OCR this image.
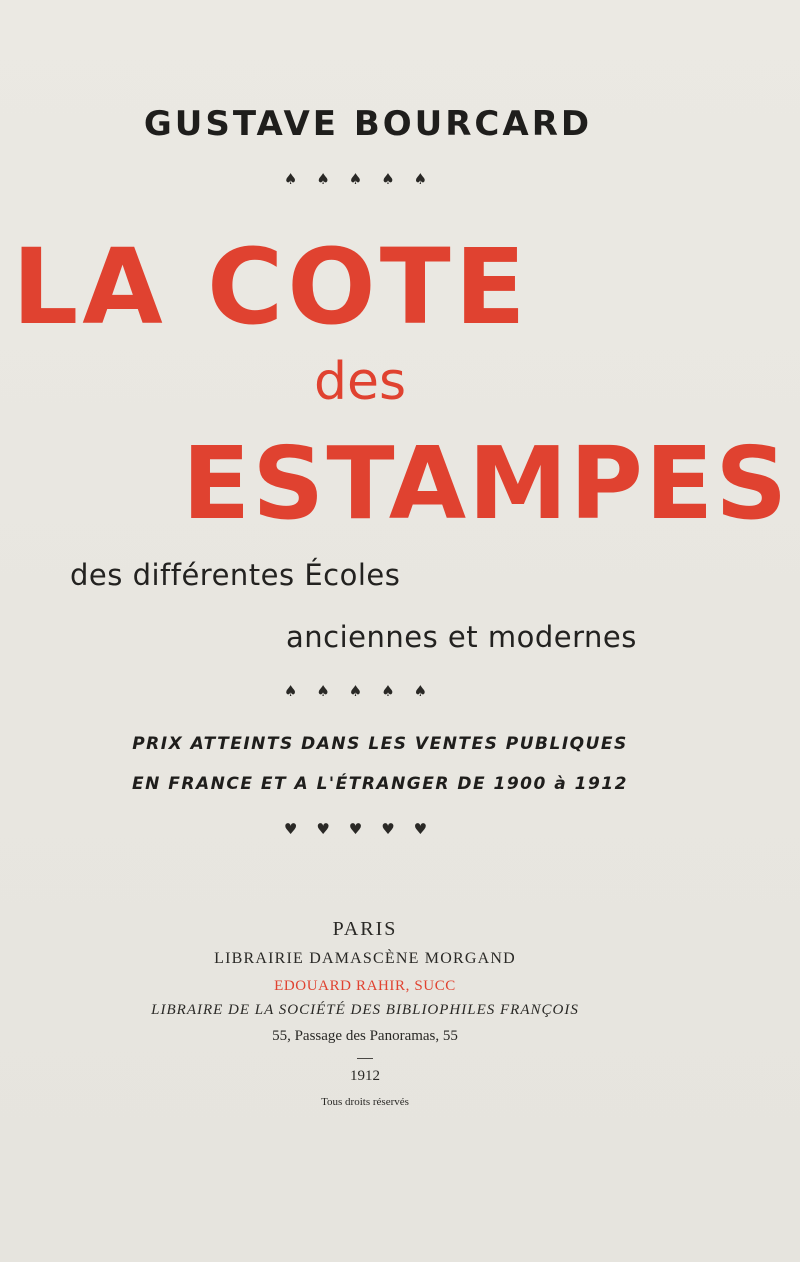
GUSTAVE BOURCARD
♠♠♠♠♠
LA COTE
des
ESTAMPES
des différentes Écoles
anciennes et modernes
♠♠♠♠♠
PRIX ATTEINTS DANS LES VENTES PUBLIQUES
EN FRANCE ET A L'ÉTRANGER DE 1900 à 1912
♥♥♥♥♥
PARIS
LIBRAIRIE DAMASCÈNE MORGAND
EDOUARD RAHIR, SUCC
LIBRAIRE DE LA SOCIÉTÉ DES BIBLIOPHILES FRANÇOIS
55, Passage des Panoramas, 55
1912
Tous droits réservés
